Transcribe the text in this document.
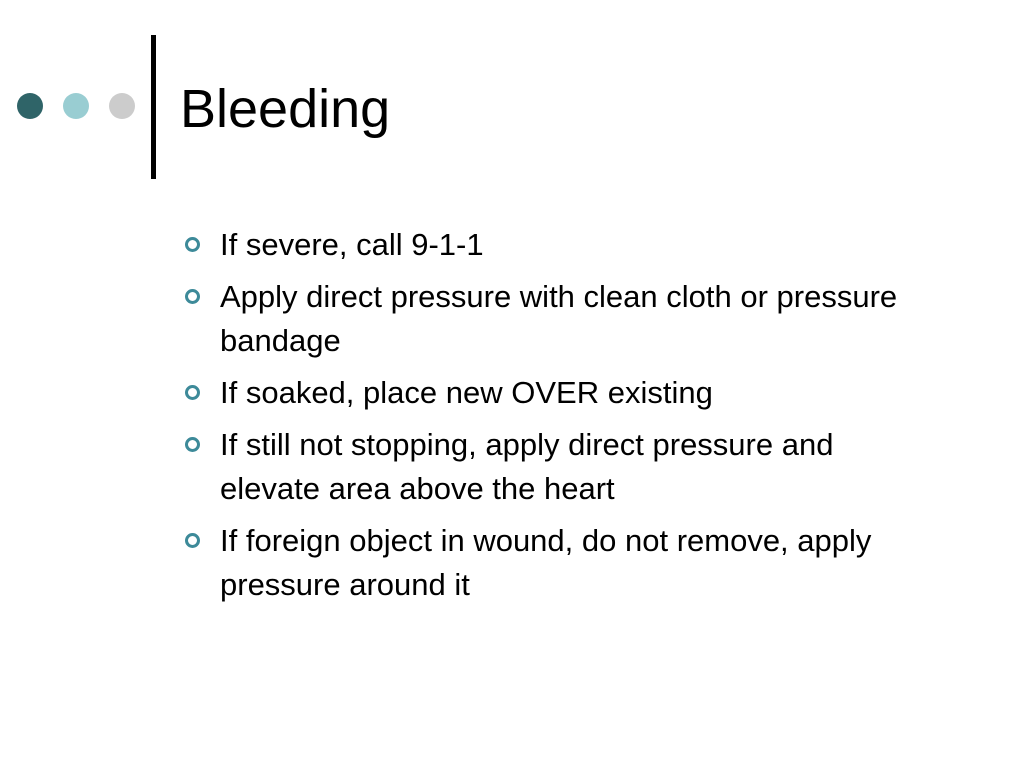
Bleeding
If severe, call 9-1-1
Apply direct pressure with clean cloth or pressure bandage
If soaked, place new OVER existing
If still not stopping, apply direct pressure and elevate area above the heart
If foreign object in wound, do not remove, apply pressure around it
